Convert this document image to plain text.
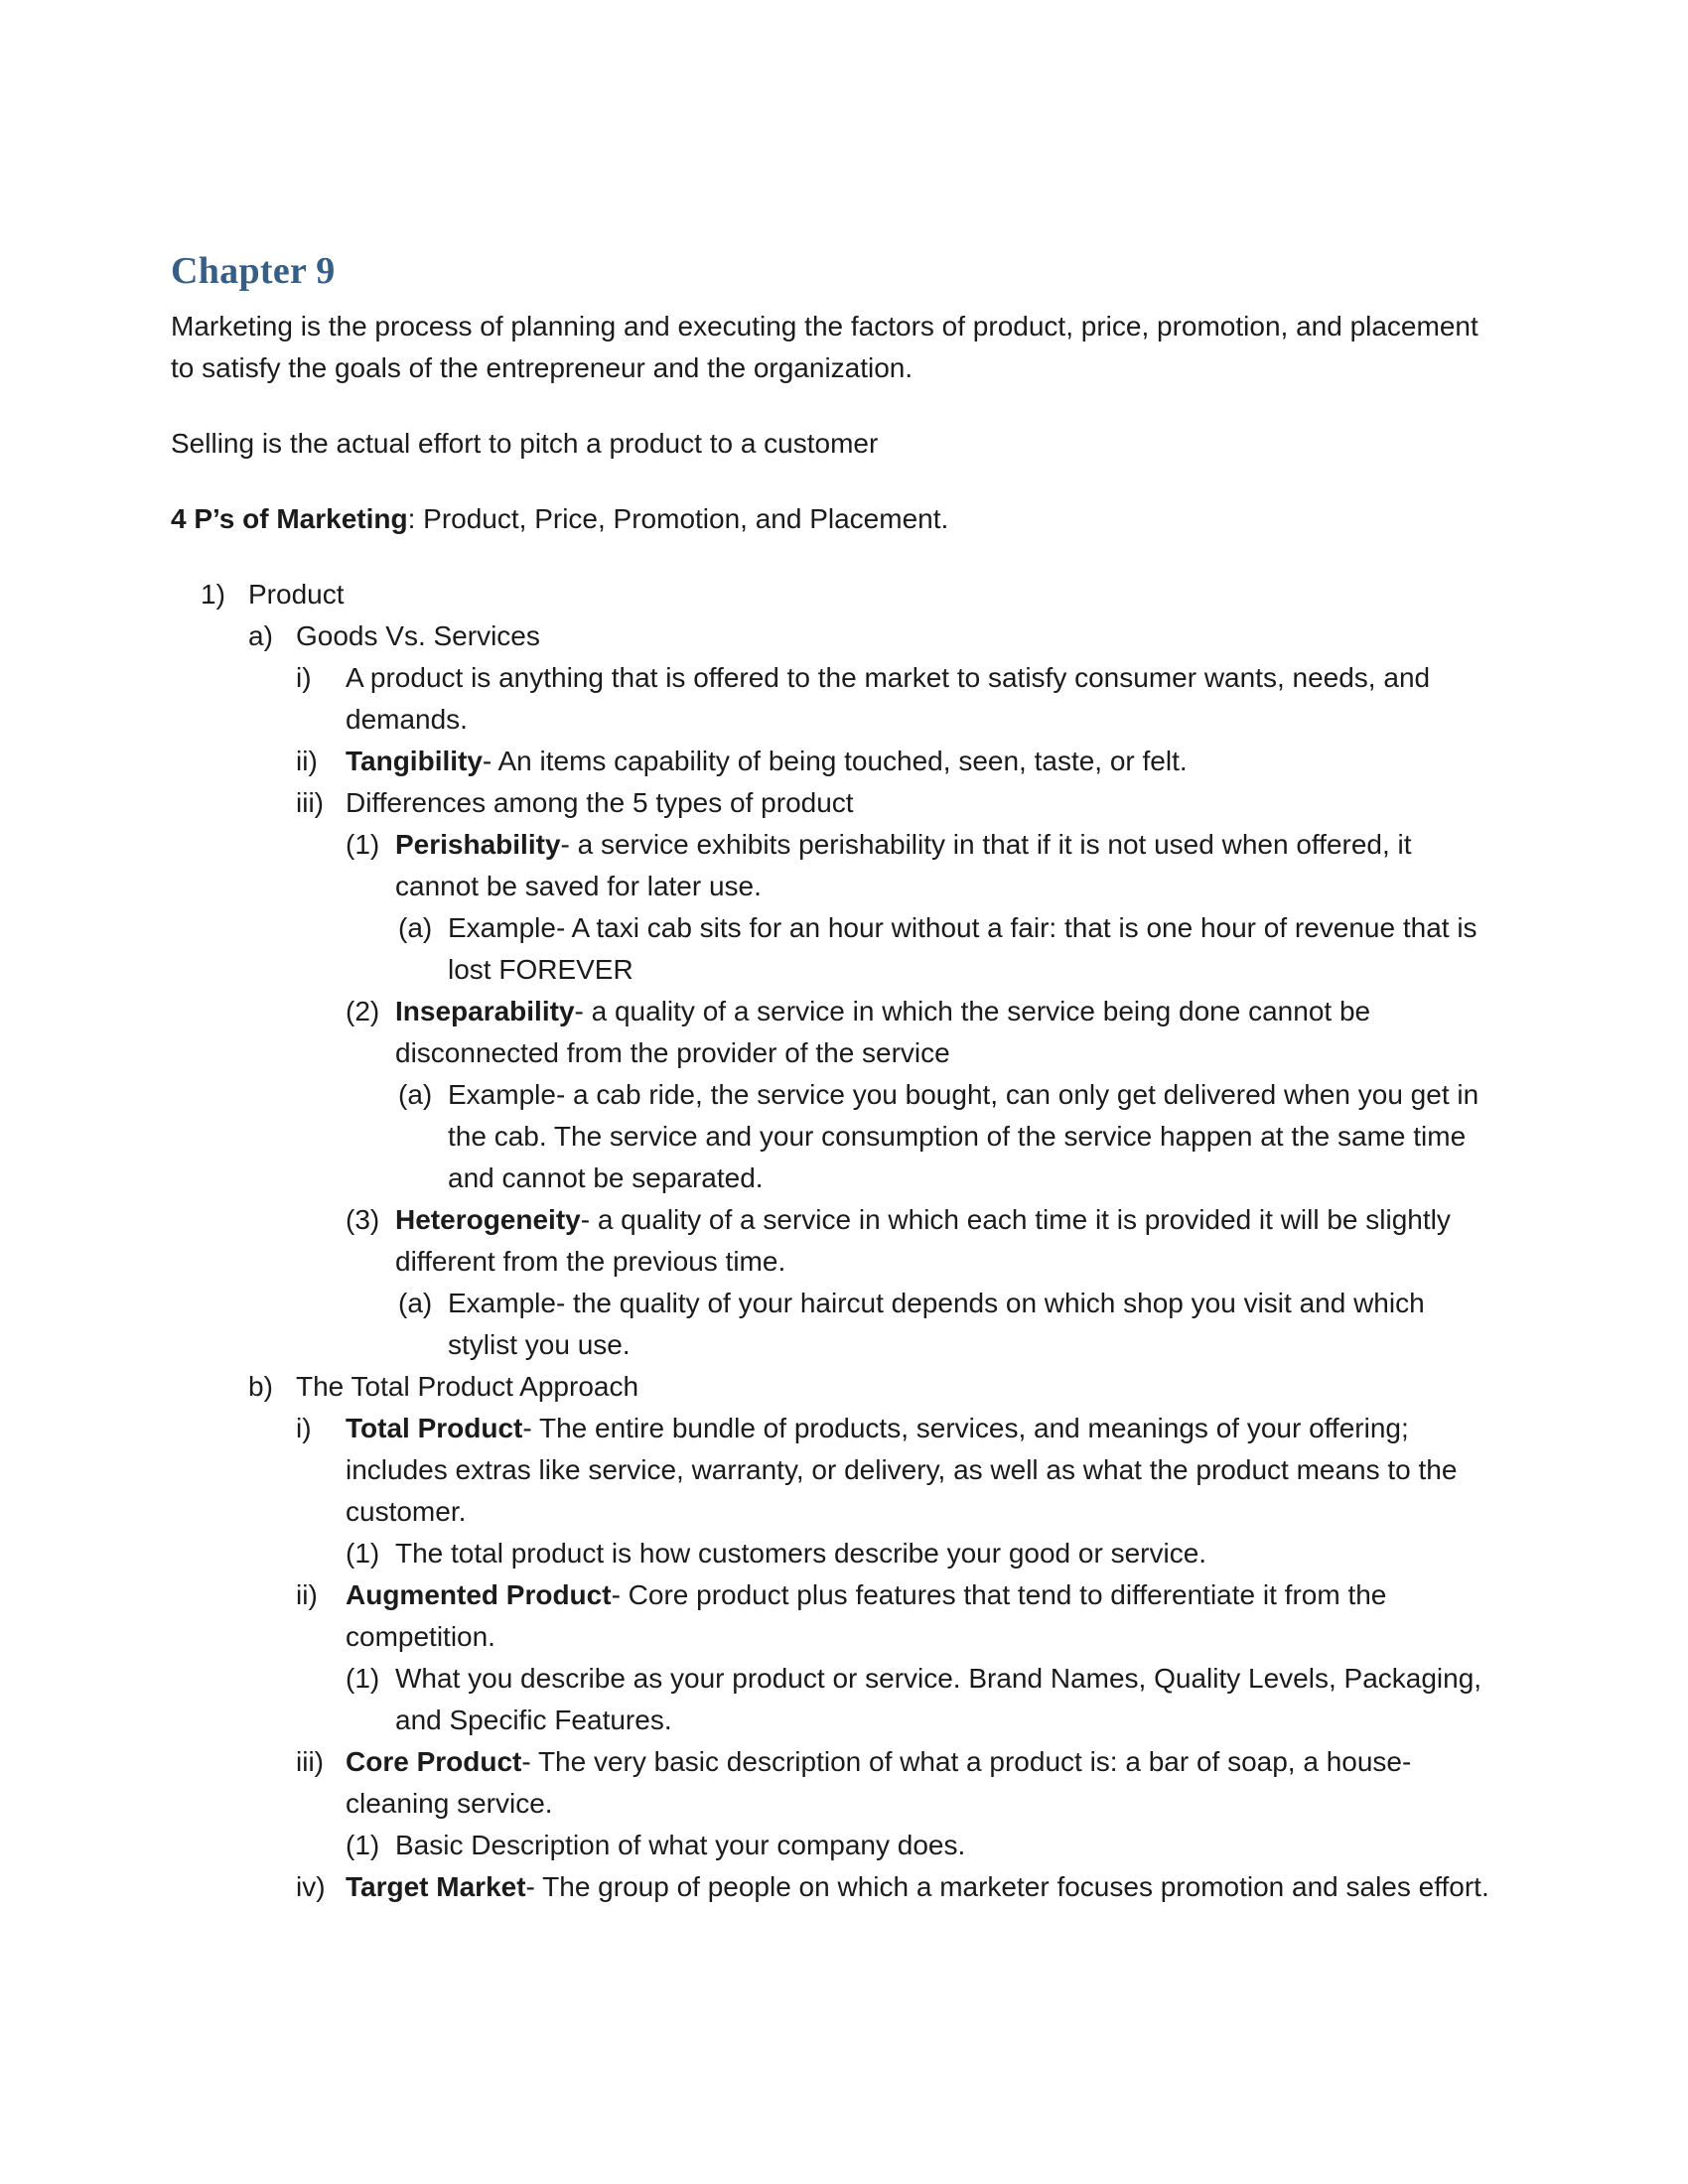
Chapter 9

Marketing is the process of planning and executing the factors of product, price, promotion, and placement to satisfy the goals of the entrepreneur and the organization.

Selling is the actual effort to pitch a product to a customer

4 P’s of Marketing: Product, Price, Promotion, and Placement.

1) Product
a) Goods Vs. Services
i) A product is anything that is offered to the market to satisfy consumer wants, needs, and demands.
ii) Tangibility- An items capability of being touched, seen, taste, or felt.
iii) Differences among the 5 types of product
(1) Perishability- a service exhibits perishability in that if it is not used when offered, it cannot be saved for later use.
(a) Example- A taxi cab sits for an hour without a fair: that is one hour of revenue that is lost FOREVER
(2) Inseparability- a quality of a service in which the service being done cannot be disconnected from the provider of the service
(a) Example- a cab ride, the service you bought, can only get delivered when you get in the cab. The service and your consumption of the service happen at the same time and cannot be separated.
(3) Heterogeneity- a quality of a service in which each time it is provided it will be slightly different from the previous time.
(a) Example- the quality of your haircut depends on which shop you visit and which stylist you use.
b) The Total Product Approach
i) Total Product- The entire bundle of products, services, and meanings of your offering; includes extras like service, warranty, or delivery, as well as what the product means to the customer.
(1) The total product is how customers describe your good or service.
ii) Augmented Product- Core product plus features that tend to differentiate it from the competition.
(1) What you describe as your product or service. Brand Names, Quality Levels, Packaging, and Specific Features.
iii) Core Product- The very basic description of what a product is: a bar of soap, a house-cleaning service.
(1) Basic Description of what your company does.
iv) Target Market- The group of people on which a marketer focuses promotion and sales effort.
